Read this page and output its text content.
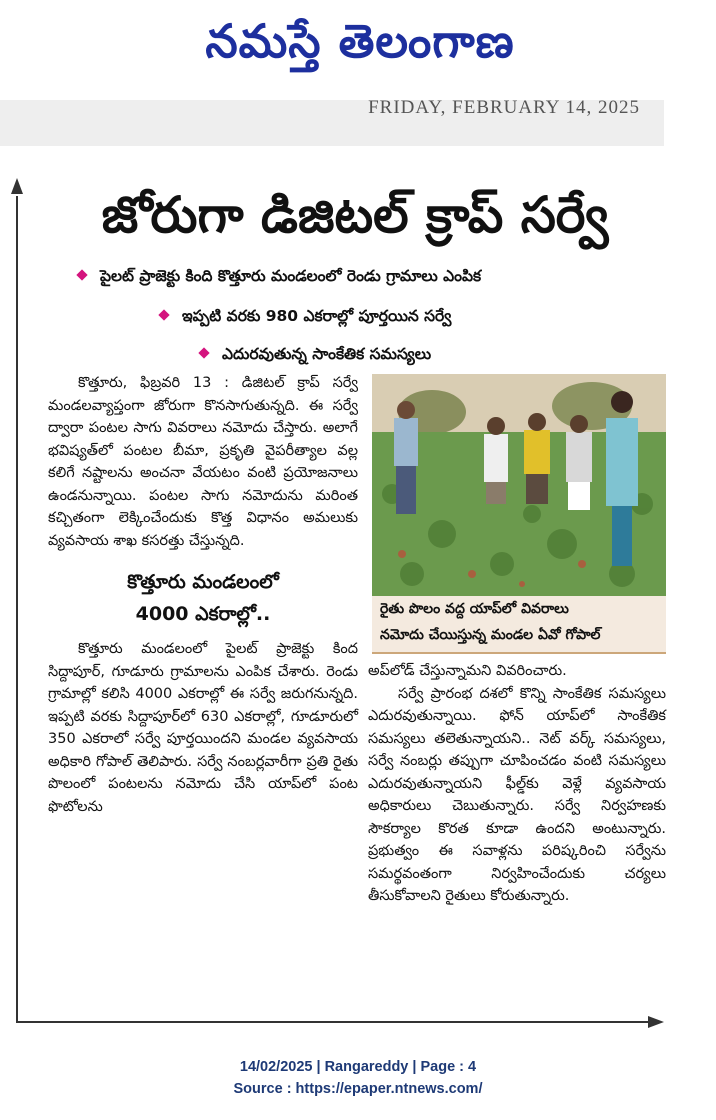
నమస్తే తెలంగాణ
FRIDAY, FEBRUARY 14, 2025
జోరుగా డిజిటల్ క్రాప్ సర్వే
పైలట్ ప్రాజెక్టు కింది కొత్తూరు మండలంలో రెండు గ్రామాలు ఎంపిక
ఇప్పటి వరకు 980 ఎకరాల్లో పూర్తయిన సర్వే
ఎదురవుతున్న సాంకేతిక సమస్యలు

కొత్తూరు, ఫిబ్రవరి 13 : డిజిటల్ క్రాప్ సర్వే మండలవ్యాప్తంగా జోరుగా కొనసాగుతున్నది. ఈ సర్వే ద్వారా పంటల సాగు వివరాలు నమోదు చేస్తారు. అలాగే భవిష్యత్‌లో పంటల బీమా, ప్రకృతి వైపరీత్యాల వల్ల కలిగే నష్టాలను అంచనా వేయటం వంటి ప్రయోజనాలు ఉండనున్నాయి. పంటల సాగు నమోదును మరింత కచ్చితంగా లెక్కించేందుకు కొత్త విధానం అమలుకు వ్యవసాయ శాఖ కసరత్తు చేస్తున్నది.

కొత్తూరు మండలంలో

4000 ఎకరాల్లో..

కొత్తూరు మండలంలో పైలట్ ప్రాజెక్టు కింద సిద్దాపూర్, గూడూరు గ్రామాలను ఎంపిక చేశారు. రెండు గ్రామాల్లో కలిసి 4000 ఎకరాల్లో ఈ సర్వే జరుగనున్నది. ఇప్పటి వరకు సిద్దాపూర్‌లో 630 ఎకరాల్లో, గూడూరులో 350 ఎకరాలో సర్వే పూర్తయిందని మండల వ్యవసాయ అధికారి గోపాల్ తెలిపారు. సర్వే నంబర్లవారీగా ప్రతి రైతు పొలంలో పంటలను నమోదు చేసి యాప్‌లో పంట ఫొటోలను

రైతు పొలం వద్ద యాప్‌లో వివరాలు
నమోదు చేయిస్తున్న మండల ఏవో గోపాల్

అప్‌లోడ్ చేస్తున్నామని వివరించారు.

సర్వే ప్రారంభ దశలో కొన్ని సాంకేతిక సమస్యలు ఎదురవుతున్నాయి. ఫోన్ యాప్‌లో సాంకేతిక సమస్యలు తలెతున్నాయని.. నెట్ వర్క్ సమస్యలు, సర్వే నంబర్లు తప్పుగా చూపించడం వంటి సమస్యలు ఎదురవుతున్నాయని ఫీల్డ్‌కు వెళ్లే వ్యవసాయ అధికారులు చెబుతున్నారు. సర్వే నిర్వహణకు సౌకర్యాల కొరత కూడా ఉందని అంటున్నారు. ప్రభుత్వం ఈ సవాళ్లను పరిష్కరించి సర్వేను సమర్థవంతంగా నిర్వహించేందుకు చర్యలు తీసుకోవాలని రైతులు కోరుతున్నారు.

14/02/2025 | Rangareddy | Page : 4
Source : https://epaper.ntnews.com/
